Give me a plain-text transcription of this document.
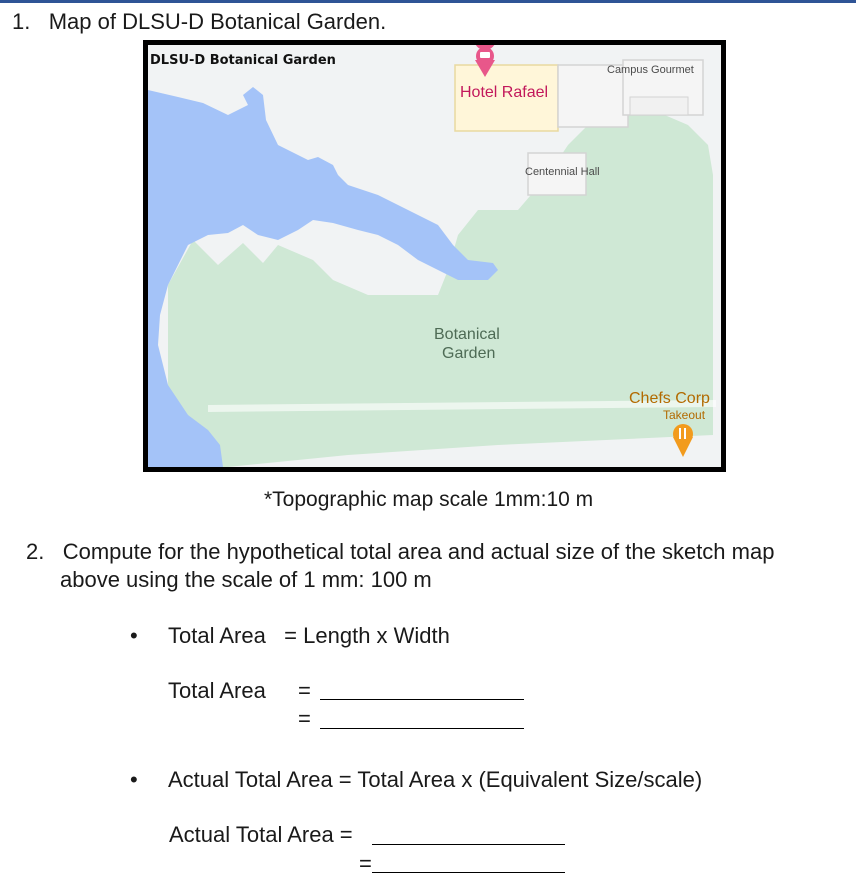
1. Map of DLSU-D Botanical Garden.
DLSU-D Botanical Garden
Hotel Rafael
Campus Gourmet
Centennial Hall
Botanical
Garden
Chefs Corp
Takeout
*Topographic map scale 1mm:10 m
2. Compute for the hypothetical total area and actual size of the sketch map
above using the scale of 1 mm: 100 m
• Total Area   = Length x Width
Total Area =
=
• Actual Total Area = Total Area x (Equivalent Size/scale)
Actual Total Area =
=
